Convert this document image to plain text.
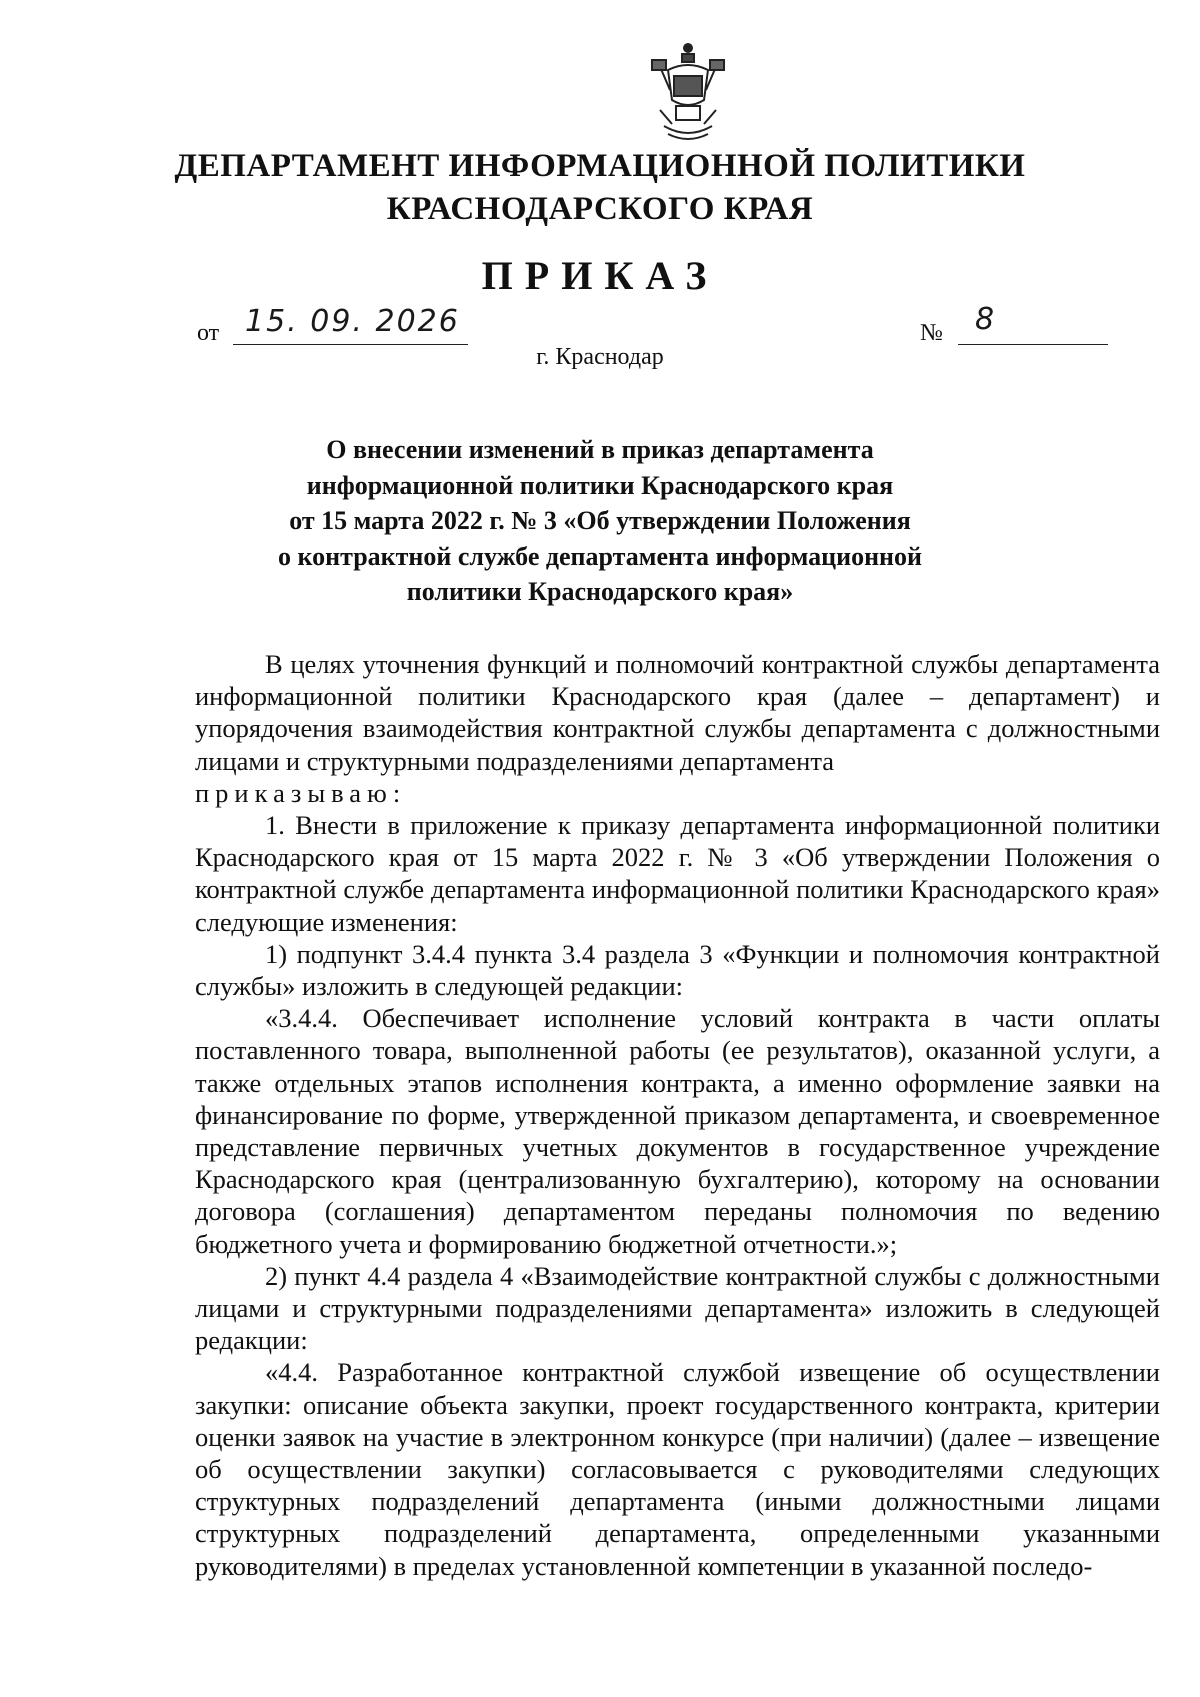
ДЕПАРТАМЕНТ ИНФОРМАЦИОННОЙ ПОЛИТИКИ
КРАСНОДАРСКОГО КРАЯ
ПРИКАЗ
от 15. 09. 2026	№ 8
г. Краснодар
О внесении изменений в приказ департамента
информационной политики Краснодарского края
от 15 марта 2022 г. № 3 «Об утверждении Положения
о контрактной службе департамента информационной
политики Краснодарского края»

В целях уточнения функций и полномочий контрактной службы департамента информационной политики Краснодарского края (далее – департамент) и упорядочения взаимодействия контрактной службы департамента с должностными лицами и структурными подразделениями департамента

приказываю:

1. Внести в приложение к приказу департамента информационной политики Краснодарского края от 15 марта 2022 г. № 3 «Об утверждении Положения о контрактной службе департамента информационной политики Краснодарского края» следующие изменения:

1) подпункт 3.4.4 пункта 3.4 раздела 3 «Функции и полномочия контрактной службы» изложить в следующей редакции:

«3.4.4. Обеспечивает исполнение условий контракта в части оплаты поставленного товара, выполненной работы (ее результатов), оказанной услуги, а также отдельных этапов исполнения контракта, а именно оформление заявки на финансирование по форме, утвержденной приказом департамента, и своевременное представление первичных учетных документов в государственное учреждение Краснодарского края (централизованную бухгалтерию), которому на основании договора (соглашения) департаментом переданы полномочия по ведению бюджетного учета и формированию бюджетной отчетности.»;

2) пункт 4.4 раздела 4 «Взаимодействие контрактной службы с должностными лицами и структурными подразделениями департамента» изложить в следующей редакции:

«4.4. Разработанное контрактной службой извещение об осуществлении закупки: описание объекта закупки, проект государственного контракта, критерии оценки заявок на участие в электронном конкурсе (при наличии) (далее – извещение об осуществлении закупки) согласовывается с руководителями следующих структурных подразделений департамента (иными должностными лицами структурных подразделений департамента, определенными указанными руководителями) в пределах установленной компетенции в указанной последо-
